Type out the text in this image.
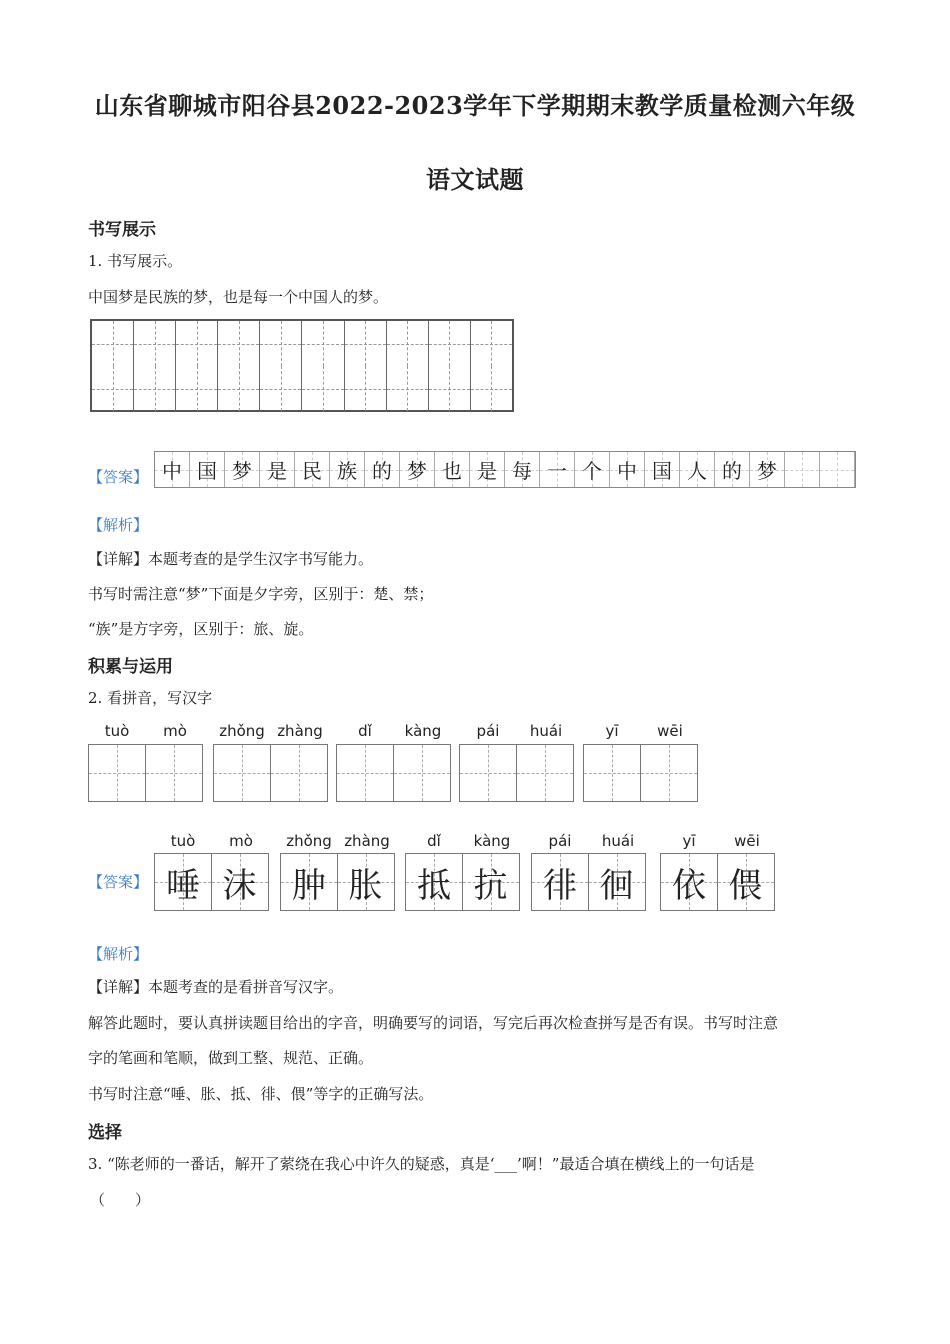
山东省聊城市阳谷县2022-2023学年下学期期末教学质量检测六年级
语文试题
书写展示
1. 书写展示。
中国梦是民族的梦，也是每一个中国人的梦。
【答案】 中 国 梦 是 民 族 的 梦 也 是 每 一 个 中 国 人 的 梦
【解析】
【详解】本题考查的是学生汉字书写能力。
书写时需注意“梦”下面是夕字旁，区别于：楚、禁；
“族”是方字旁，区别于：旅、旋。
积累与运用
2. 看拼音，写汉字
tuò	mò	zhǒng zhàng	dǐ	kàng	pái	huái	yī	wēi
【答案】
tuò	mò
唾 沫
zhǒng zhàng
肿 胀
dǐ	kàng
抵 抗
pái	huái
徘 徊
yī	wēi
依 偎
【解析】
【详解】本题考查的是看拼音写汉字。
解答此题时，要认真拼读题目给出的字音，明确要写的词语，写完后再次检查拼写是否有误。书写时注意
字的笔画和笔顺，做到工整、规范、正确。
书写时注意“唾、胀、抵、徘、偎”等字的正确写法。
选择
3. “陈老师的一番话，解开了萦绕在我心中许久的疑惑，真是‘___’啊！”最适合填在横线上的一句话是
（　　）
